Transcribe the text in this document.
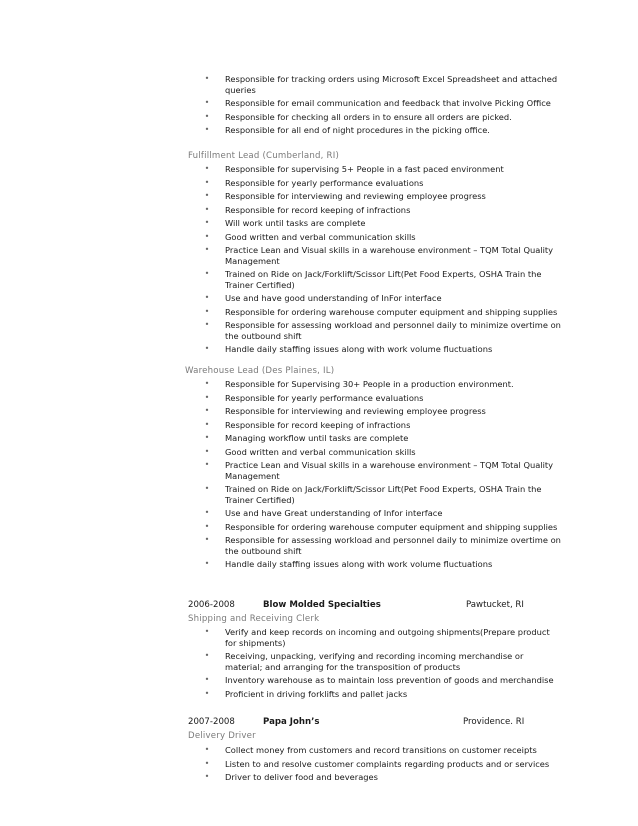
• Responsible for tracking orders using Microsoft Excel Spreadsheet and attached queries
• Responsible for email communication and feedback that involve Picking Office
• Responsible for checking all orders in to ensure all orders are picked.
• Responsible for all end of night procedures in the picking office.
Fulfillment Lead (Cumberland, RI)
• Responsible for supervising 5+ People in a fast paced environment
• Responsible for yearly performance evaluations
• Responsible for interviewing and reviewing employee progress
• Responsible for record keeping of infractions
• Will work until tasks are complete
• Good written and verbal communication skills
• Practice Lean and Visual skills in a warehouse environment – TQM Total Quality Management
• Trained on Ride on Jack/Forklift/Scissor Lift(Pet Food Experts, OSHA Train the Trainer Certified)
• Use and have good understanding of InFor interface
• Responsible for ordering warehouse computer equipment and shipping supplies
• Responsible for assessing workload and personnel daily to minimize overtime on the outbound shift
• Handle daily staffing issues along with work volume fluctuations
Warehouse Lead (Des Plaines, IL)
• Responsible for Supervising 30+ People in a production environment.
• Responsible for yearly performance evaluations
• Responsible for interviewing and reviewing employee progress
• Responsible for record keeping of infractions
• Managing workflow until tasks are complete
• Good written and verbal communication skills
• Practice Lean and Visual skills in a warehouse environment – TQM Total Quality Management
• Trained on Ride on Jack/Forklift/Scissor Lift(Pet Food Experts, OSHA Train the Trainer Certified)
• Use and have Great understanding of Infor interface
• Responsible for ordering warehouse computer equipment and shipping supplies
• Responsible for assessing workload and personnel daily to minimize overtime on the outbound shift
• Handle daily staffing issues along with work volume fluctuations
2006-2008	Blow Molded Specialties	Pawtucket, RI
Shipping and Receiving Clerk
• Verify and keep records on incoming and outgoing shipments(Prepare product for shipments)
• Receiving, unpacking, verifying and recording incoming merchandise or material; and arranging for the transposition of products
• Inventory warehouse as to maintain loss prevention of goods and merchandise
• Proficient in driving forklifts and pallet jacks
2007-2008	Papa John’s	Providence. RI
Delivery Driver
• Collect money from customers and record transitions on customer receipts
• Listen to and resolve customer complaints regarding products and or services
• Driver to deliver food and beverages
